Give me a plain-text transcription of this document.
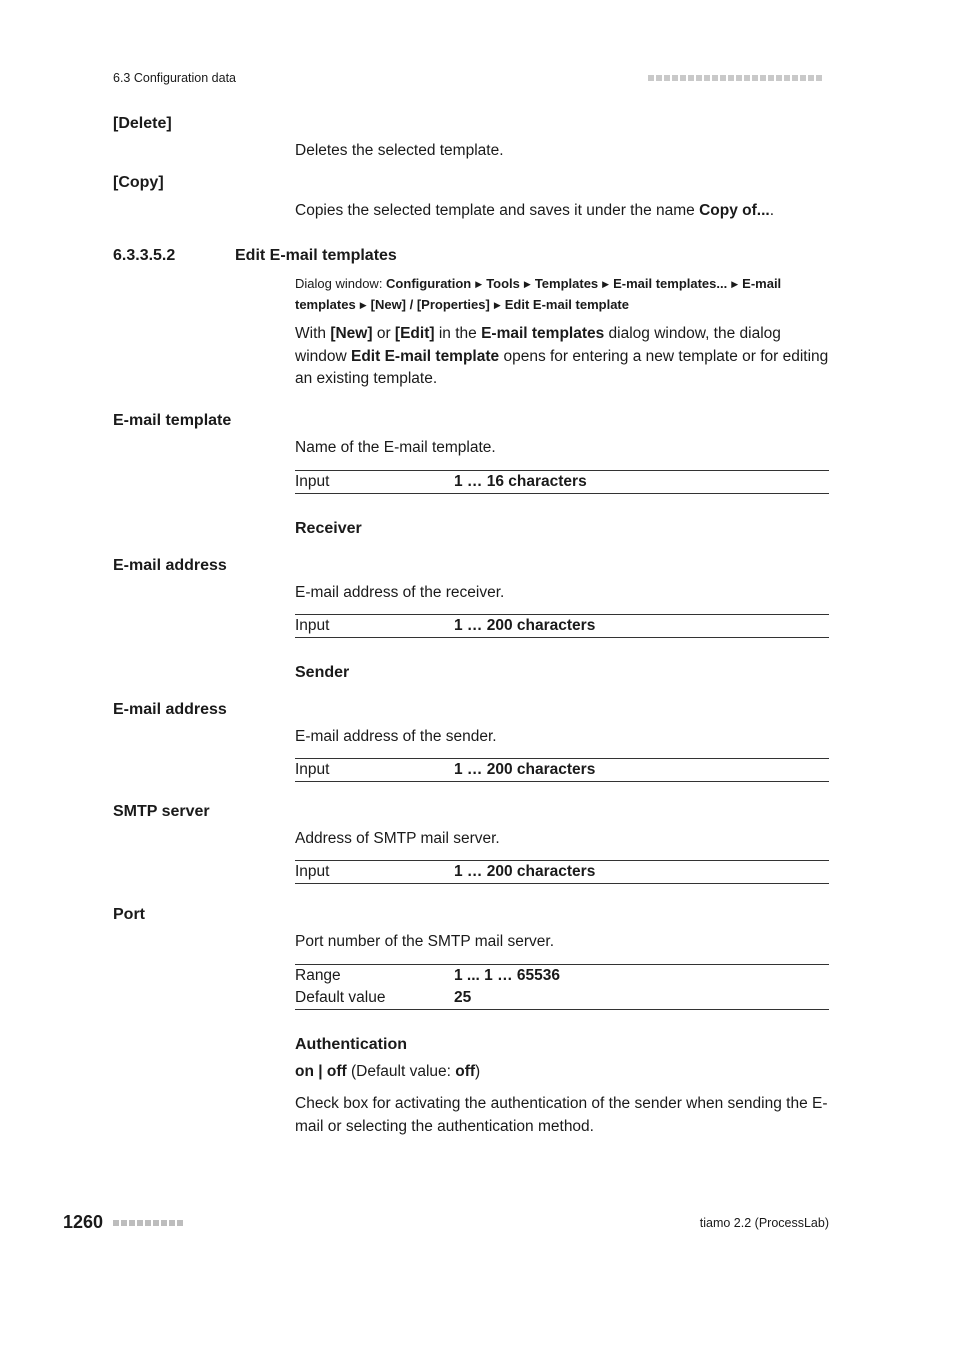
6.3 Configuration data
[Delete]
Deletes the selected template.
[Copy]
Copies the selected template and saves it under the name Copy of....
6.3.3.5.2	Edit E-mail templates
Dialog window: Configuration ▶ Tools ▶ Templates ▶ E-mail templates... ▶ E-mail templates ▶ [New] / [Properties] ▶ Edit E-mail template
With [New] or [Edit] in the E-mail templates dialog window, the dialog window Edit E-mail template opens for entering a new template or for editing an existing template.
E-mail template
Name of the E-mail template.
Input	1 … 16 characters
Receiver
E-mail address
E-mail address of the receiver.
Input	1 … 200 characters
Sender
E-mail address
E-mail address of the sender.
Input	1 … 200 characters
SMTP server
Address of SMTP mail server.
Input	1 … 200 characters
Port
Port number of the SMTP mail server.
Range	1 ... 1 … 65536
Default value	25
Authentication
on | off (Default value: off)
Check box for activating the authentication of the sender when sending the E-mail or selecting the authentication method.
1260	tiamo 2.2 (ProcessLab)
